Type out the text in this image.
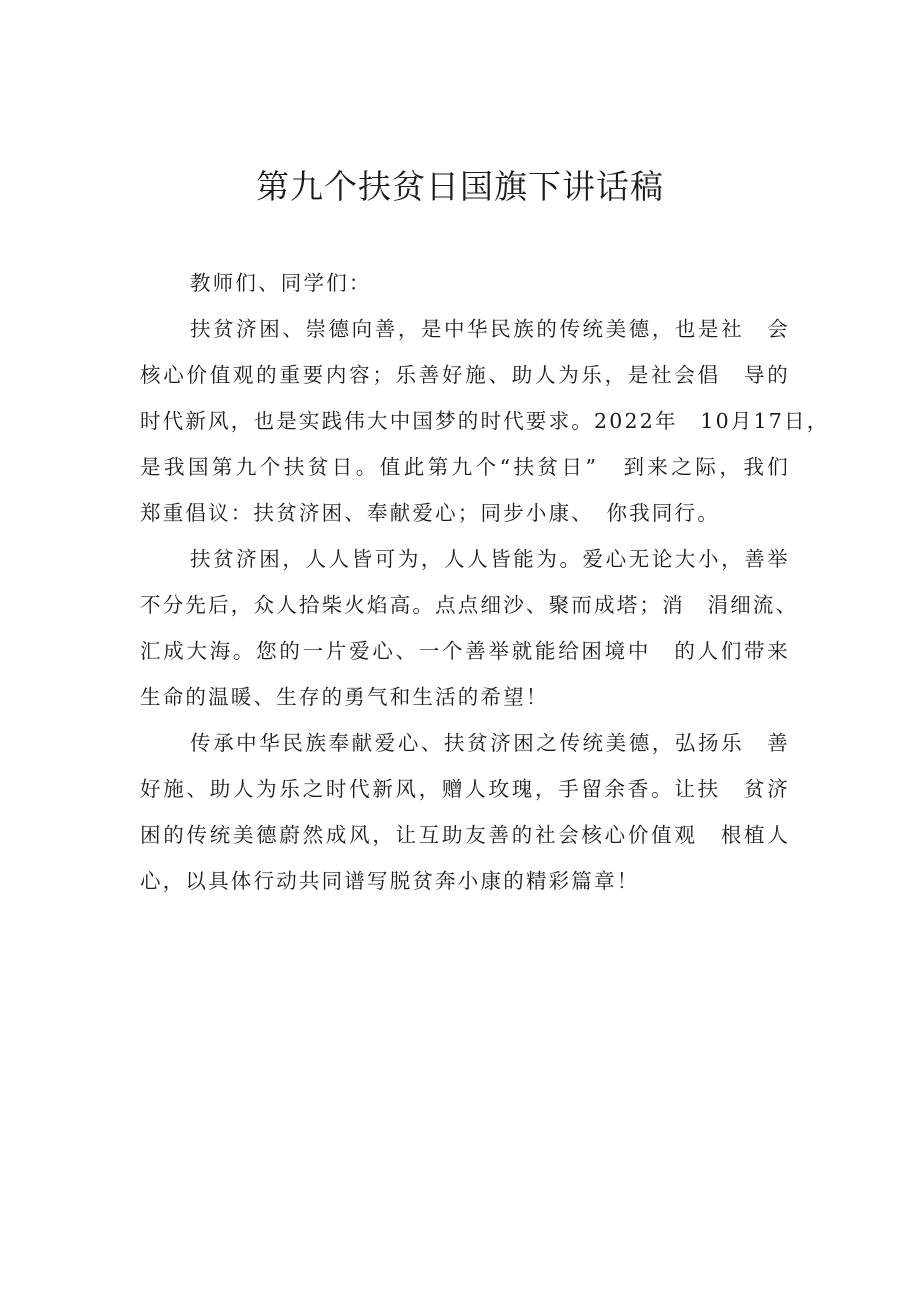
第九个扶贫日国旗下讲话稿
教师们、同学们：
扶贫济困、崇德向善，是中华民族的传统美德，也是社　会
核心价值观的重要内容；乐善好施、助人为乐，是社会倡　导的
时代新风，也是实践伟大中国梦的时代要求。2022年　10月17日，
是我国第九个扶贫日。值此第九个“扶贫日”　到来之际，我们
郑重倡议：扶贫济困、奉献爱心；同步小康、　你我同行。
扶贫济困，人人皆可为，人人皆能为。爱心无论大小，善举
不分先后，众人拾柴火焰高。点点细沙、聚而成塔；消　涓细流、
汇成大海。您的一片爱心、一个善举就能给困境中　的人们带来
生命的温暖、生存的勇气和生活的希望！
传承中华民族奉献爱心、扶贫济困之传统美德，弘扬乐　善
好施、助人为乐之时代新风，赠人玫瑰，手留余香。让扶　贫济
困的传统美德蔚然成风，让互助友善的社会核心价值观　根植人
心，以具体行动共同谱写脱贫奔小康的精彩篇章！
